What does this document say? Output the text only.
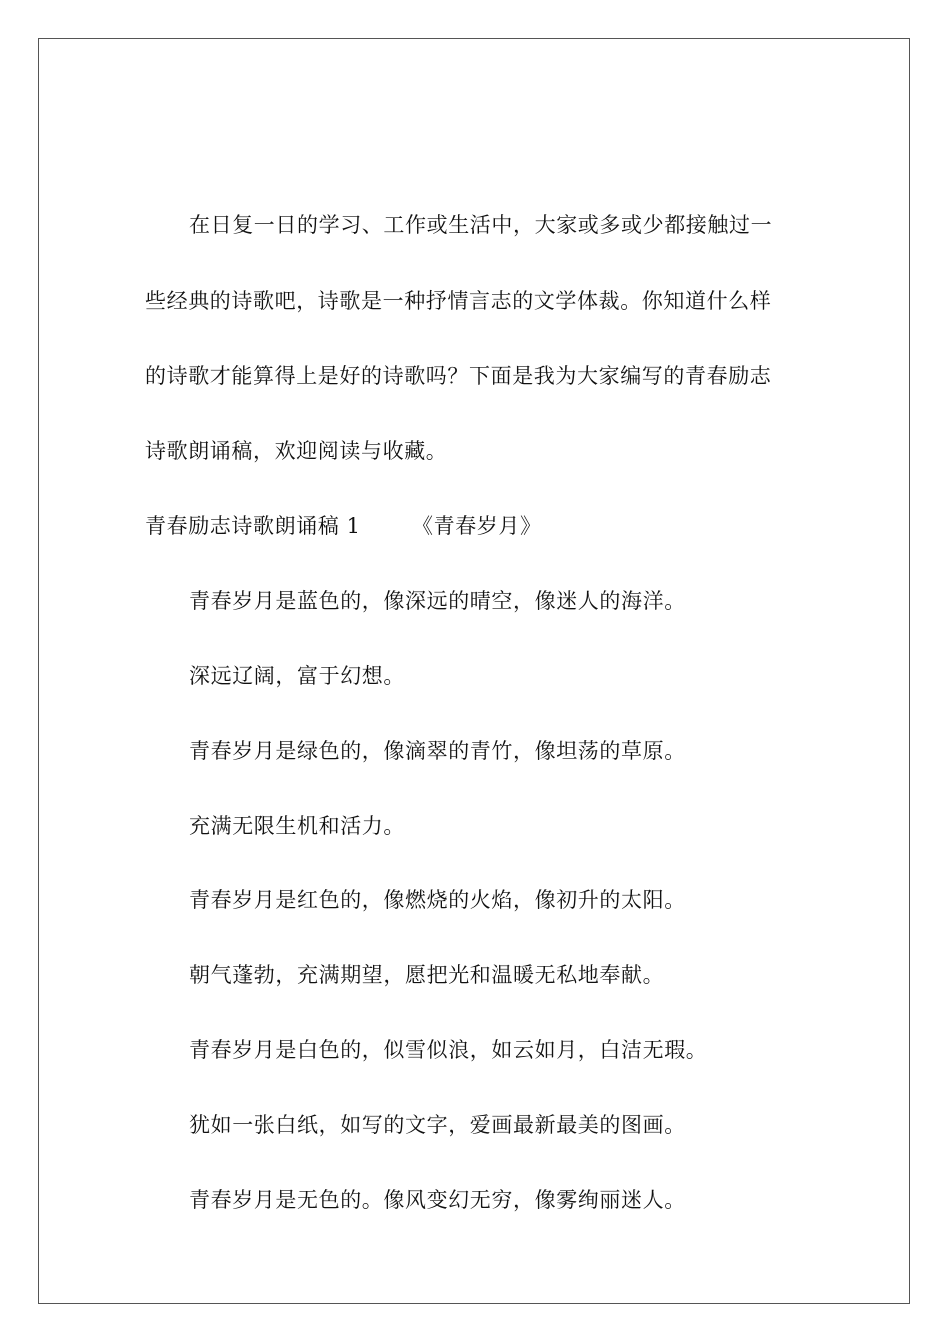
在日复一日的学习、工作或生活中，大家或多或少都接触过一
些经典的诗歌吧，诗歌是一种抒情言志的文学体裁。你知道什么样
的诗歌才能算得上是好的诗歌吗？下面是我为大家编写的青春励志
诗歌朗诵稿，欢迎阅读与收藏。
青春励志诗歌朗诵稿 1 《青春岁月》
青春岁月是蓝色的，像深远的晴空，像迷人的海洋。
深远辽阔，富于幻想。
青春岁月是绿色的，像滴翠的青竹，像坦荡的草原。
充满无限生机和活力。
青春岁月是红色的，像燃烧的火焰，像初升的太阳。
朝气蓬勃，充满期望，愿把光和温暖无私地奉献。
青春岁月是白色的，似雪似浪，如云如月，白洁无瑕。
犹如一张白纸，如写的文字，爱画最新最美的图画。
青春岁月是无色的。像风变幻无穷，像雾绚丽迷人。
